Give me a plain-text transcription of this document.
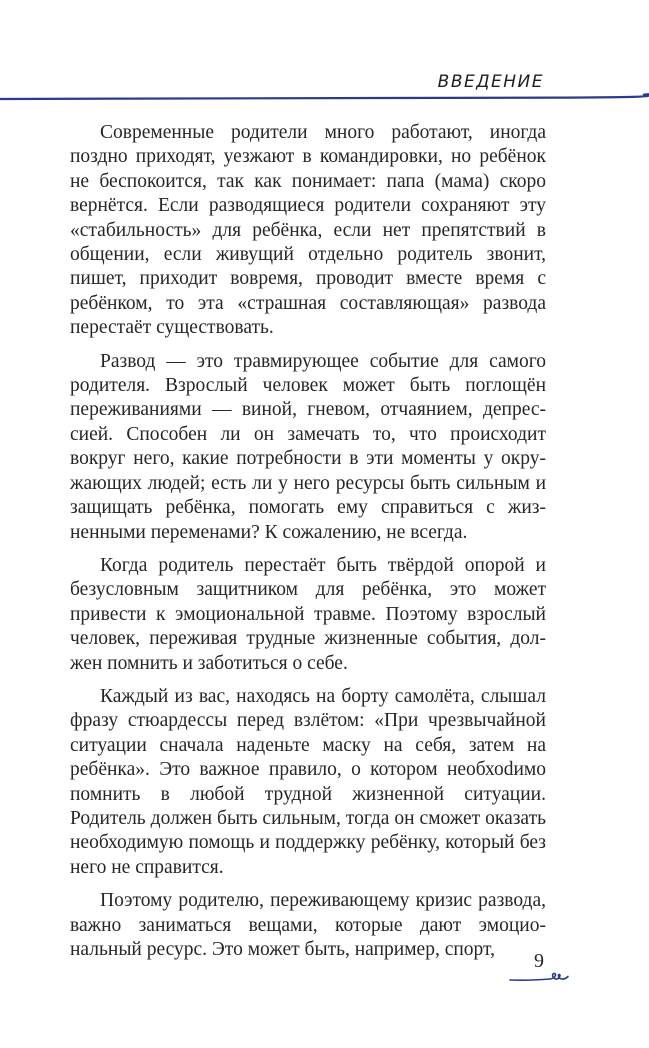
ВВЕДЕНИЕ

Современные родители много работают, иногда поздно приходят, уезжают в командировки, но ребёнок не беспокоится, так как понимает: папа (мама) скоро вернётся. Если разводящиеся родители сохраняют эту «стабильность» для ребёнка, если нет препятствий в общении, если живущий отдельно родитель звонит, пишет, приходит вовремя, проводит вместе время с ребёнком, то эта «страшная составляющая» развода перестаёт существовать.

Развод — это травмирующее событие для самого родителя. Взрослый человек может быть поглощён переживаниями — виной, гневом, отчаянием, депрессией. Способен ли он замечать то, что происходит вокруг него, какие потребности в эти моменты у окружающих людей; есть ли у него ресурсы быть сильным и защищать ребёнка, помогать ему справиться с жизненными переменами? К сожалению, не всегда.

Когда родитель перестаёт быть твёрдой опорой и безусловным защитником для ребёнка, это может привести к эмоциональной травме. Поэтому взрослый человек, переживая трудные жизненные события, должен помнить и заботиться о себе.

Каждый из вас, находясь на борту самолёта, слышал фразу стюардессы перед взлётом: «При чрезвычайной ситуации сначала наденьте маску на себя, затем на ребёнка». Это важное правило, о котором необхоdимо помнить в любой трудной жизненной ситуации. Родитель должен быть сильным, тогда он сможет оказать необходимую помощь и поддержку ребёнку, который без него не справится.

Поэтому родителю, переживающему кризис развода, важно заниматься вещами, которые дают эмоциональный ресурс. Это может быть, например, спорт,

9
